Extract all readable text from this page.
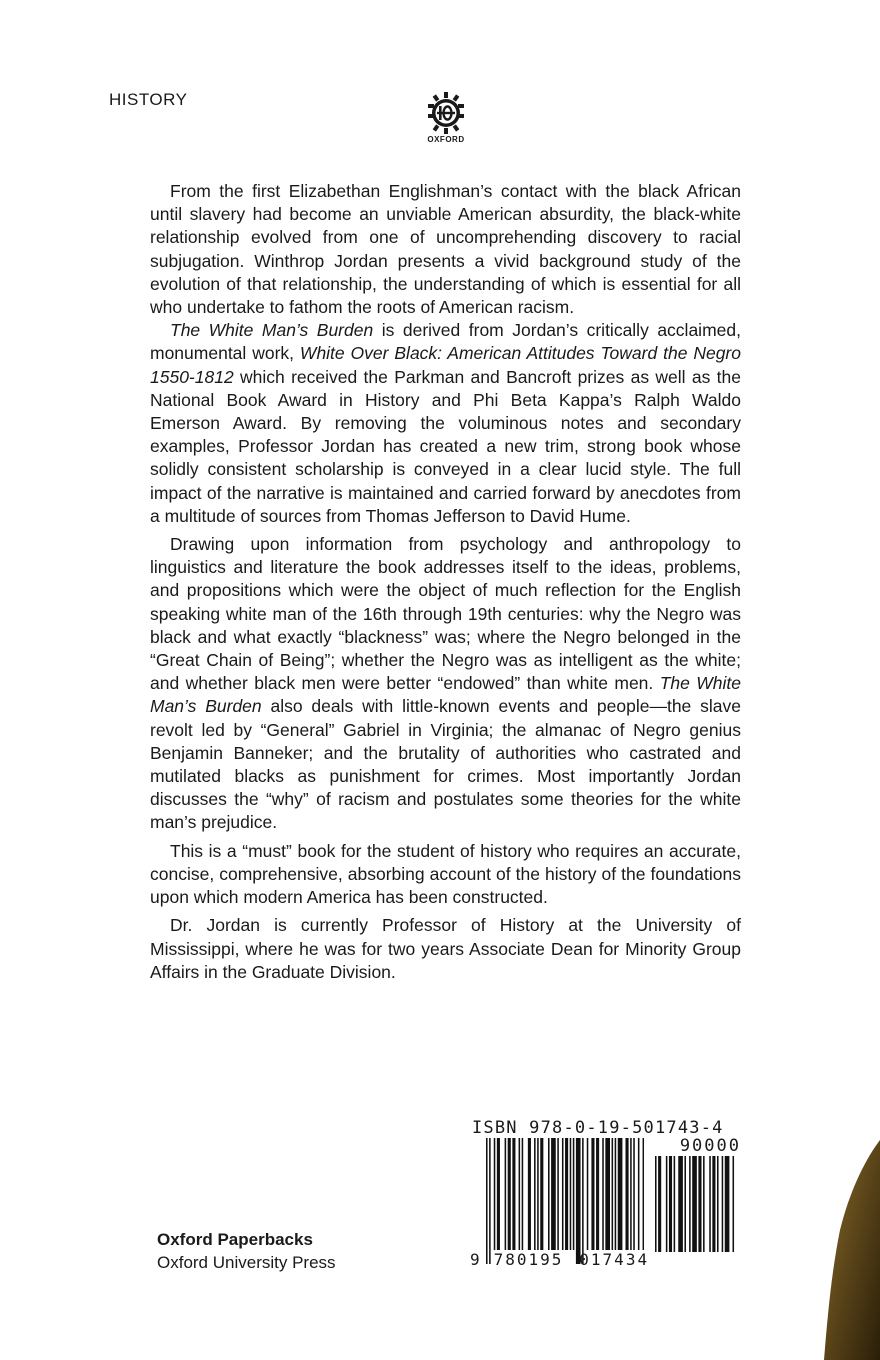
HISTORY
OXFORD

From the first Elizabethan Englishman’s contact with the black African until slavery had become an unviable American absurdity, the black-white relationship evolved from one of uncomprehending discovery to racial subjugation. Winthrop Jordan presents a vivid background study of the evolution of that relationship, the understanding of which is essential for all who undertake to fathom the roots of American racism.

The White Man’s Burden is derived from Jordan’s critically acclaimed, monumental work, White Over Black: American Attitudes Toward the Negro 1550-1812 which received the Parkman and Bancroft prizes as well as the National Book Award in History and Phi Beta Kappa’s Ralph Waldo Emerson Award. By removing the voluminous notes and secondary examples, Professor Jordan has created a new trim, strong book whose solidly consistent scholarship is conveyed in a clear lucid style. The full impact of the narrative is maintained and carried forward by anecdotes from a multitude of sources from Thomas Jefferson to David Hume.

Drawing upon information from psychology and anthropology to linguistics and literature the book addresses itself to the ideas, problems, and propositions which were the object of much reflection for the English speaking white man of the 16th through 19th centuries: why the Negro was black and what exactly “blackness” was; where the Negro belonged in the “Great Chain of Being”; whether the Negro was as intelligent as the white; and whether black men were better “endowed” than white men. The White Man’s Burden also deals with little-known events and people—the slave revolt led by “General” Gabriel in Virginia; the almanac of Negro genius Benjamin Banneker; and the brutality of authorities who castrated and mutilated blacks as punishment for crimes. Most importantly Jordan discusses the “why” of racism and postulates some theories for the white man’s prejudice.

This is a “must” book for the student of history who requires an accurate, concise, comprehensive, absorbing account of the history of the foundations upon which modern America has been constructed.

Dr. Jordan is currently Professor of History at the University of Mississippi, where he was for two years Associate Dean for Minority Group Affairs in the Graduate Division.

ISBN 978-0-19-501743-4
90000
9 780195 017434
Oxford Paperbacks
Oxford University Press
